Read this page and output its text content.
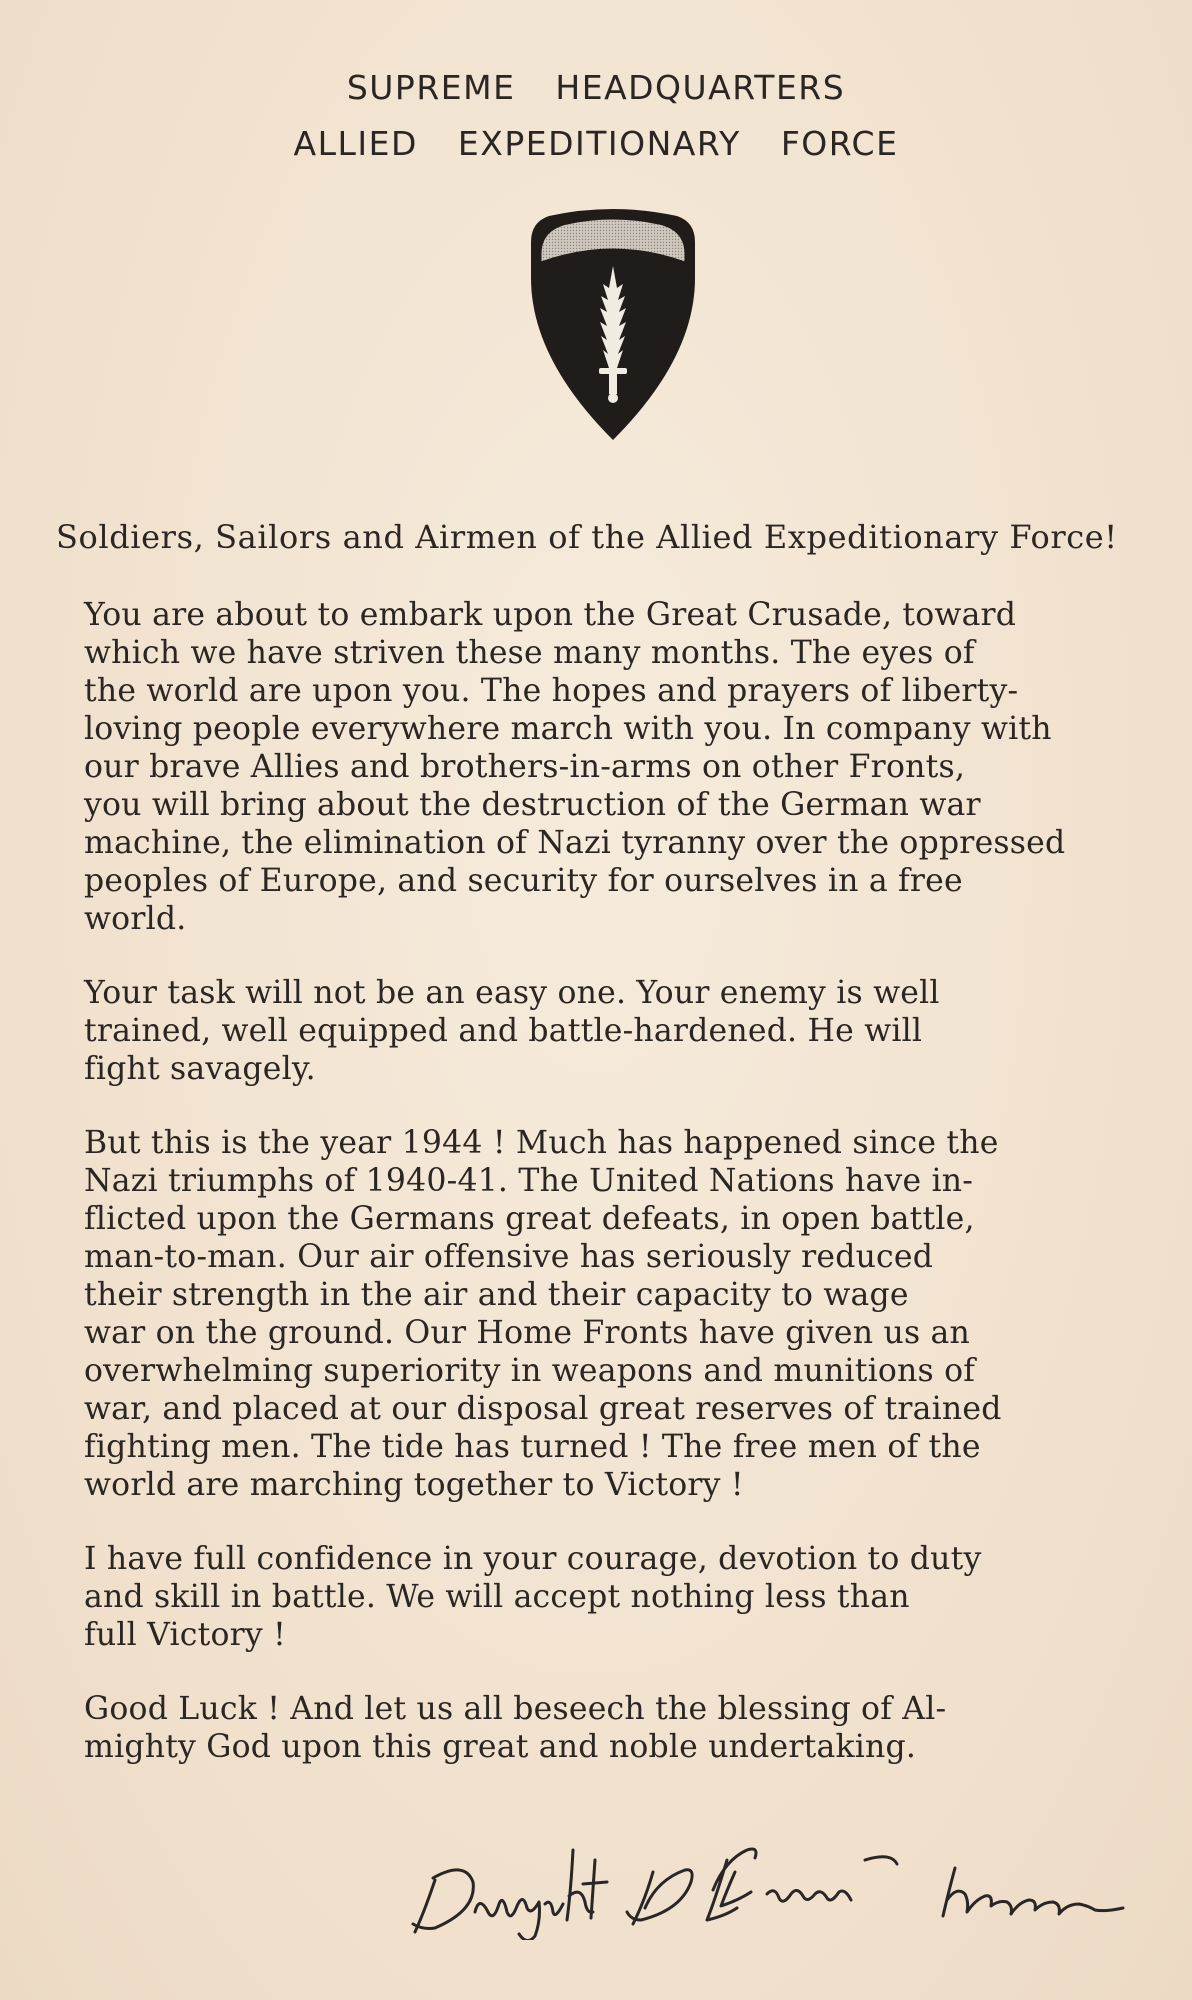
SUPREME HEADQUARTERS
ALLIED EXPEDITIONARY FORCE
Soldiers, Sailors and Airmen of the Allied Expeditionary Force!
You are about to embark upon the Great Crusade, toward
which we have striven these many months. The eyes of
the world are upon you. The hopes and prayers of liberty-
loving people everywhere march with you. In company with
our brave Allies and brothers-in-arms on other Fronts,
you will bring about the destruction of the German war
machine, the elimination of Nazi tyranny over the oppressed
peoples of Europe, and security for ourselves in a free
world.
Your task will not be an easy one. Your enemy is well
trained, well equipped and battle-hardened. He will
fight savagely.
But this is the year 1944 ! Much has happened since the
Nazi triumphs of 1940-41. The United Nations have in-
flicted upon the Germans great defeats, in open battle,
man-to-man. Our air offensive has seriously reduced
their strength in the air and their capacity to wage
war on the ground. Our Home Fronts have given us an
overwhelming superiority in weapons and munitions of
war, and placed at our disposal great reserves of trained
fighting men. The tide has turned ! The free men of the
world are marching together to Victory !
I have full confidence in your courage, devotion to duty
and skill in battle. We will accept nothing less than
full Victory !
Good Luck ! And let us all beseech the blessing of Al-
mighty God upon this great and noble undertaking.
